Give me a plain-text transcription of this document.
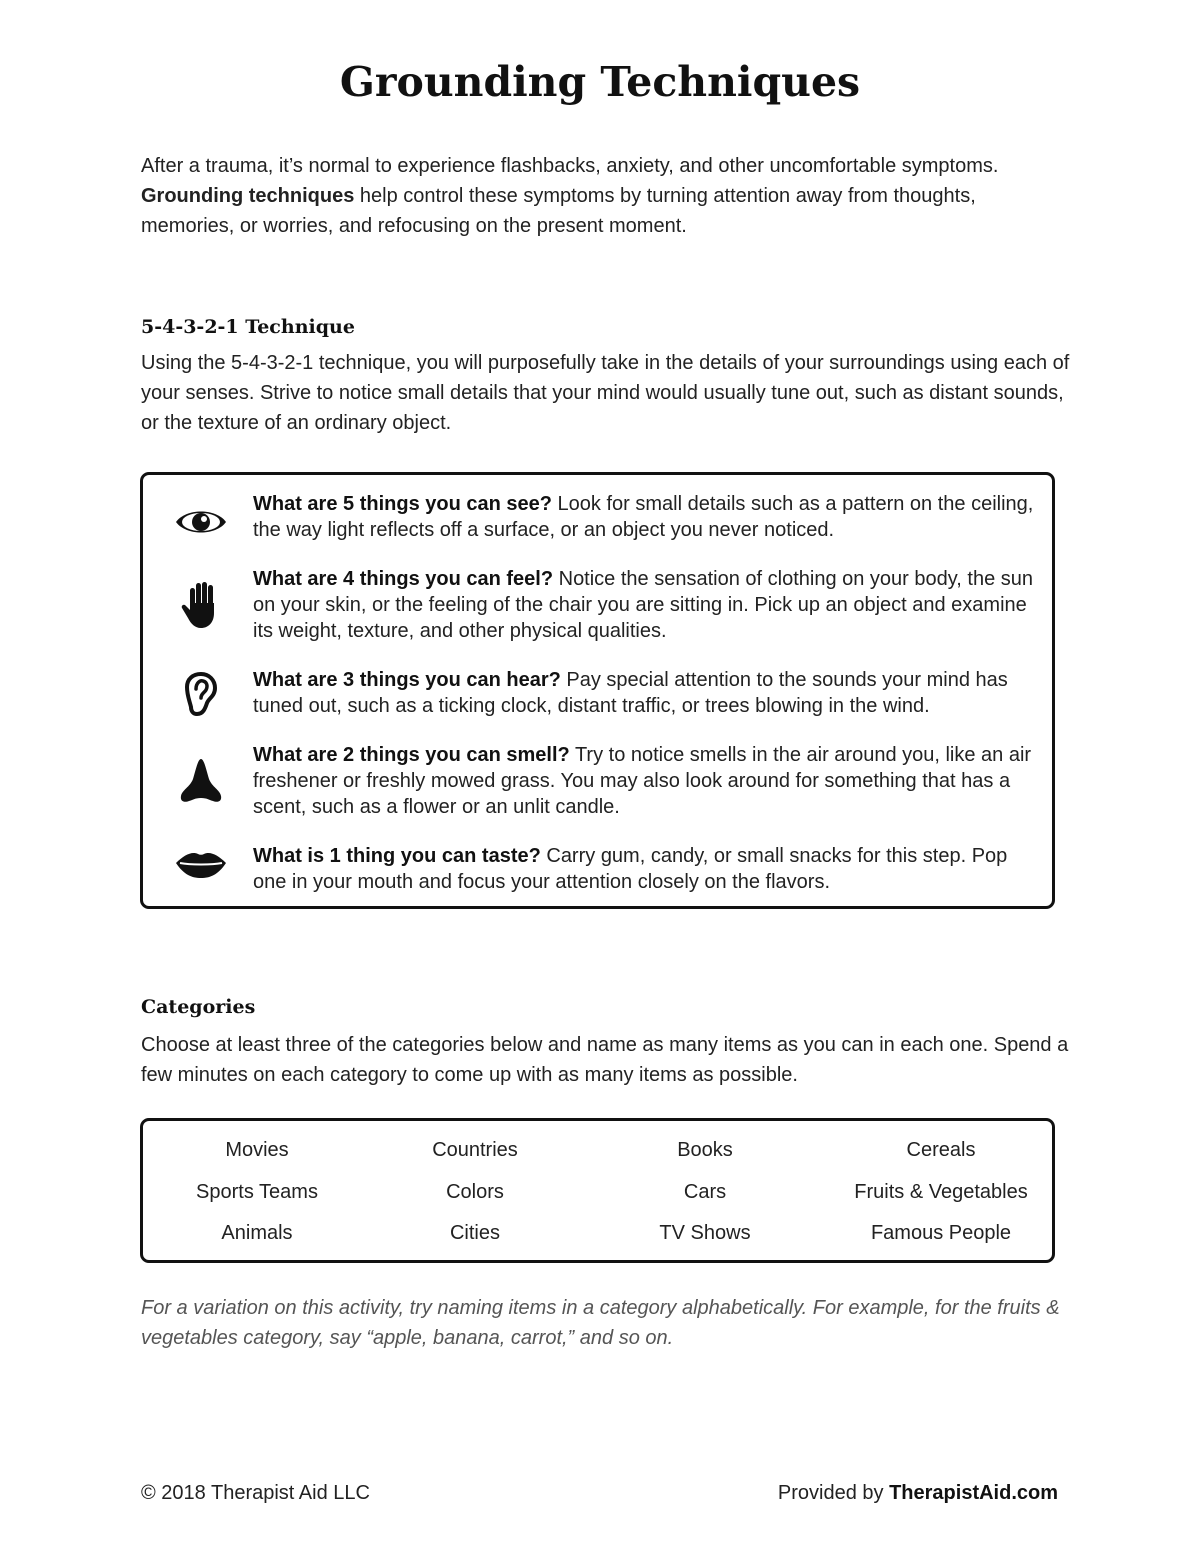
Grounding Techniques

After a trauma, it’s normal to experience flashbacks, anxiety, and other uncomfortable symptoms. Grounding techniques help control these symptoms by turning attention away from thoughts, memories, or worries, and refocusing on the present moment.

5-4-3-2-1 Technique

Using the 5-4-3-2-1 technique, you will purposefully take in the details of your surroundings using each of your senses. Strive to notice small details that your mind would usually tune out, such as distant sounds, or the texture of an ordinary object.

What are 5 things you can see? Look for small details such as a pattern on the ceiling, the way light reflects off a surface, or an object you never noticed.
What are 4 things you can feel? Notice the sensation of clothing on your body, the sun on your skin, or the feeling of the chair you are sitting in. Pick up an object and examine its weight, texture, and other physical qualities.
What are 3 things you can hear? Pay special attention to the sounds your mind has tuned out, such as a ticking clock, distant traffic, or trees blowing in the wind.
What are 2 things you can smell? Try to notice smells in the air around you, like an air freshener or freshly mowed grass. You may also look around for something that has a scent, such as a flower or an unlit candle.
What is 1 thing you can taste? Carry gum, candy, or small snacks for this step. Pop one in your mouth and focus your attention closely on the flavors.
Categories

Choose at least three of the categories below and name as many items as you can in each one. Spend a few minutes on each category to come up with as many items as possible.

Movies	Countries	Books	Cereals
Sports Teams	Colors	Cars	Fruits & Vegetables
Animals	Cities	TV Shows	Famous People

For a variation on this activity, try naming items in a category alphabetically. For example, for the fruits & vegetables category, say “apple, banana, carrot,” and so on.

© 2018 Therapist Aid LLC	Provided by TherapistAid.com
